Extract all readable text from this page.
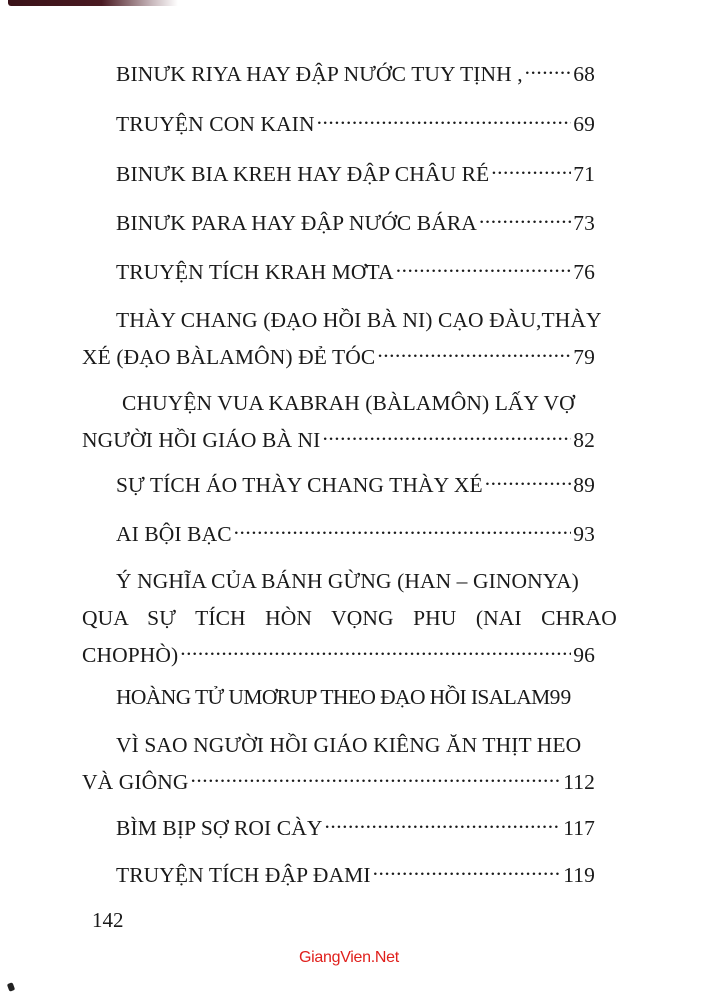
BINƯK RIYA HAY ĐẬP NƯỚC TUY TỊNH , ..... 68
TRUYỆN CON KAIN .....	69
BINƯK BIA KREH HAY ĐẬP CHÂU RÉ .....	71
BINƯK PARA HAY ĐẬP NƯỚC BÁRA .....	73
TRUYỆN TÍCH KRAH MƠTA .....	76
THÀY CHANG (ĐẠO HỒI BÀ NI) CẠO ĐÀU,THÀY
XÉ (ĐẠO BÀLAMÔN) ĐẺ TÓC .....	79
CHUYỆN VUA KABRAH (BÀLAMÔN) LẤY VỢ
NGƯỜI HỒI GIÁO BÀ NI .....	82
SỰ TÍCH ÁO THÀY CHANG THÀY XÉ .....	89
AI BỘI BẠC .....	93
Ý NGHĨA CỦA BÁNH GỪNG (HAN – GINONYA)
QUA SỰ TÍCH HÒN VỌNG PHU (NAI CHRAO
CHOPHÒ) .....	96
HOÀNG TỬ UMƠRUP THEO ĐẠO HỒI ISALAM 99
VÌ SAO NGƯỜI HỒI GIÁO KIÊNG ĂN THỊT HEO
VÀ GIÔNG .....	112
BÌM BỊP SỢ ROI CÀY .....	117
TRUYỆN TÍCH ĐẬP ĐAMI .....	119
142
GiangVien.Net
